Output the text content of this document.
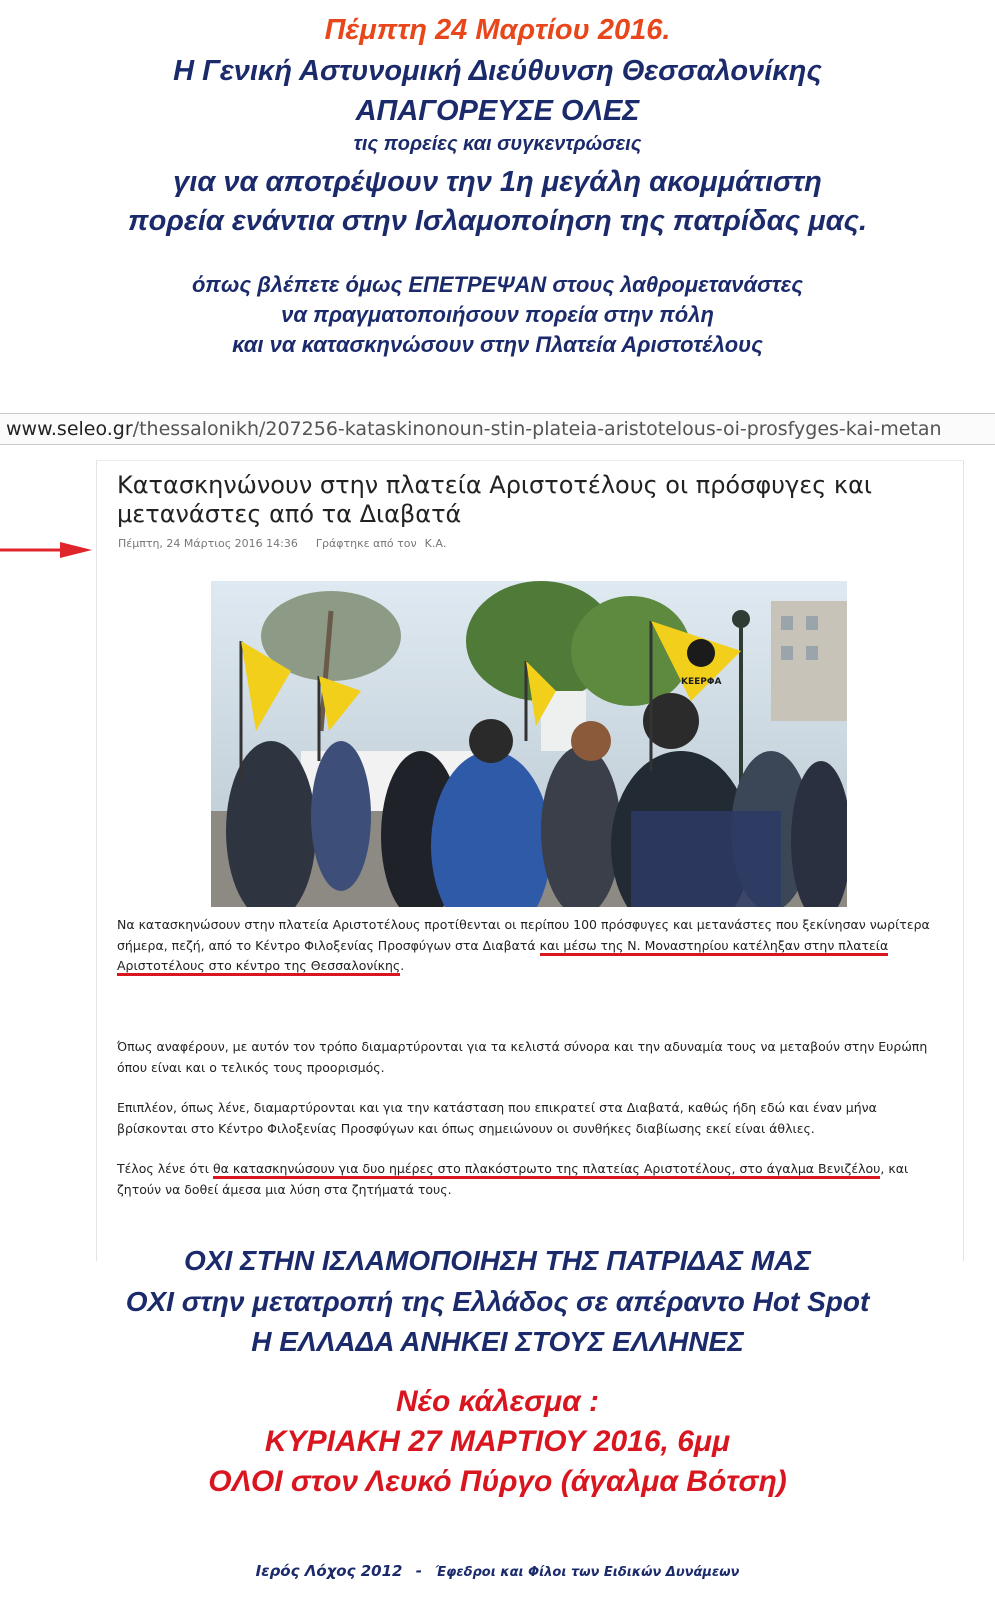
Πέμπτη 24 Μαρτίου 2016.
Η Γενική Αστυνομική Διεύθυνση Θεσσαλονίκης
ΑΠΑΓΟΡΕΥΣΕ ΟΛΕΣ
τις πορείες και συγκεντρώσεις
για να αποτρέψουν την 1η μεγάλη ακομμάτιστη
πορεία ενάντια στην Ισλαμοποίηση της πατρίδας μας.
όπως βλέπετε όμως ΕΠΕΤΡΕΨΑΝ στους λαθρομετανάστες
να πραγματοποιήσουν πορεία στην πόλη
και να κατασκηνώσουν στην Πλατεία Αριστοτέλους
www.seleo.gr/thessalonikh/207256-kataskinonoun-stin-plateia-aristotelous-oi-prosfyges-kai-metan
Κατασκηνώνουν στην πλατεία Αριστοτέλους οι πρόσφυγες και μετανάστες από τα Διαβατά
Πέμπτη, 24 Μάρτιος 2016 14:36 Γράφτηκε από τον Κ.Α.
ΚΕΕΡΦΑ
Να κατασκηνώσουν στην πλατεία Αριστοτέλους προτίθενται οι περίπου 100 πρόσφυγες και μετανάστες που ξεκίνησαν νωρίτερα σήμερα, πεζή, από το Κέντρο Φιλοξενίας Προσφύγων στα Διαβατά και μέσω της Ν. Μοναστηρίου κατέληξαν στην πλατεία Αριστοτέλους στο κέντρο της Θεσσαλονίκης.
Όπως αναφέρουν, με αυτόν τον τρόπο διαμαρτύρονται για τα κελιστά σύνορα και την αδυναμία τους να μεταβούν στην Ευρώπη όπου είναι και ο τελικός τους προορισμός.
Επιπλέον, όπως λένε, διαμαρτύρονται και για την κατάσταση που επικρατεί στα Διαβατά, καθώς ήδη εδώ και έναν μήνα βρίσκονται στο Κέντρο Φιλοξενίας Προσφύγων και όπως σημειώνουν οι συνθήκες διαβίωσης εκεί είναι άθλιες.
Τέλος λένε ότι θα κατασκηνώσουν για δυο ημέρες στο πλακόστρωτο της πλατείας Αριστοτέλους, στο άγαλμα Βενιζέλου, και ζητούν να δοθεί άμεσα μια λύση στα ζητήματά τους.
ΟΧΙ ΣΤΗΝ ΙΣΛΑΜΟΠΟΙΗΣΗ ΤΗΣ ΠΑΤΡΙΔΑΣ ΜΑΣ
ΟΧΙ στην μετατροπή της Ελλάδος σε απέραντο Hot Spot
Η ΕΛΛΑΔΑ ΑΝΗΚΕΙ ΣΤΟΥΣ ΕΛΛΗΝΕΣ
Νέο κάλεσμα :
ΚΥΡΙΑΚΗ 27 ΜΑΡΤΙΟΥ 2016, 6μμ
ΟΛΟΙ στον Λευκό Πύργο (άγαλμα Βότση)
Ιερός Λόχος 2012 - Έφεδροι και Φίλοι των Ειδικών Δυνάμεων
